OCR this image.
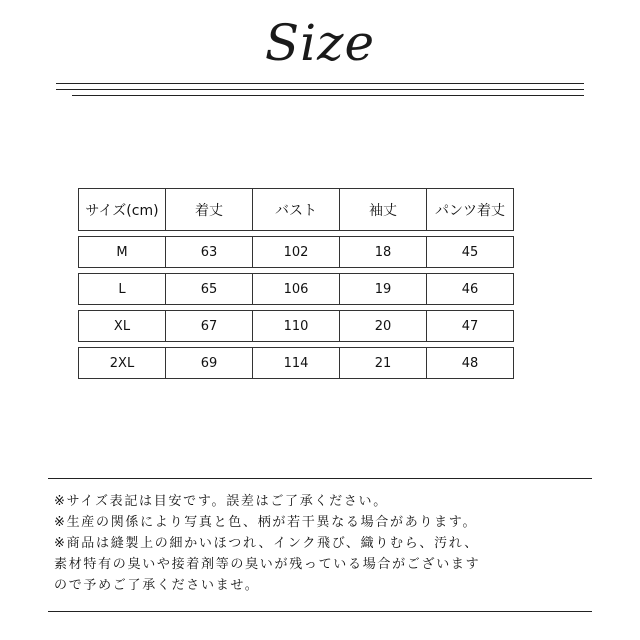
Size
サイズ(cm)	着丈	バスト	袖丈	パンツ着丈

M	63	102	18	45

L	65	106	19	46

XL	67	110	20	47

2XL	69	114	21	48
※サイズ表記は目安です。誤差はご了承ください。
※生産の関係により写真と色、柄が若干異なる場合があります。
※商品は縫製上の細かいほつれ、インク飛び、織りむら、汚れ、
素材特有の臭いや接着剤等の臭いが残っている場合がございます
ので予めご了承くださいませ。
